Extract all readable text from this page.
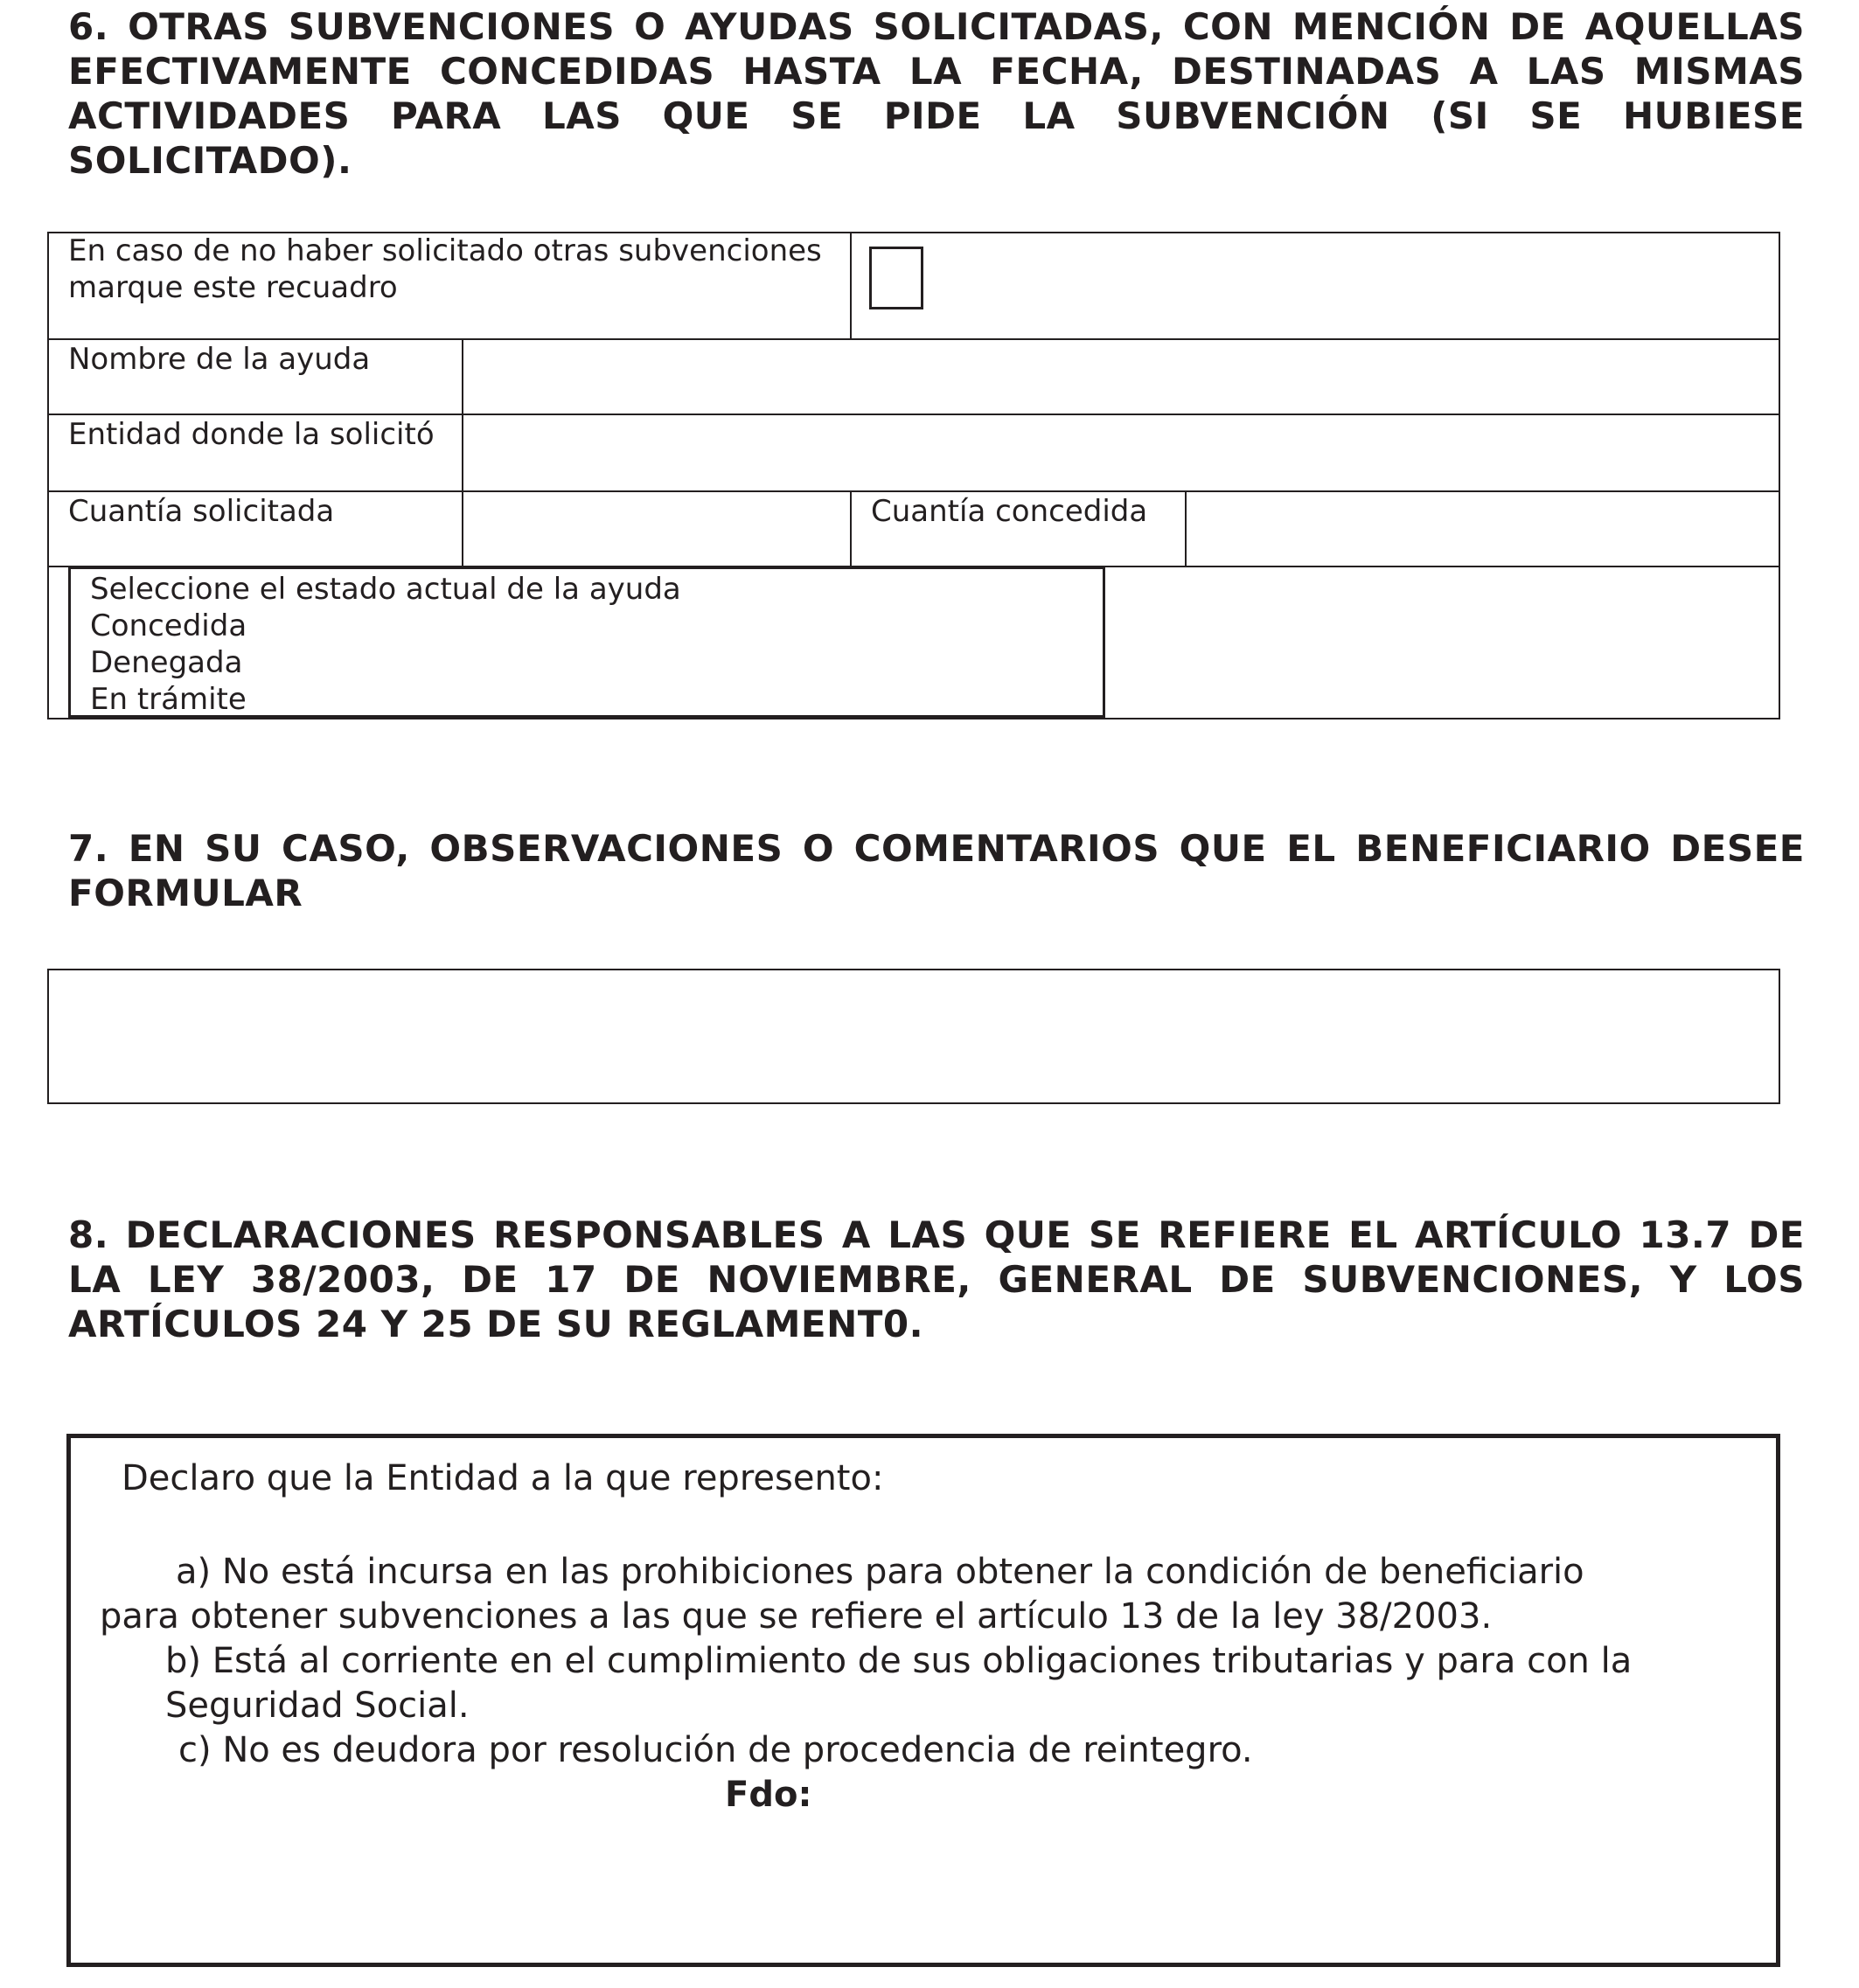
6. OTRAS SUBVENCIONES O AYUDAS SOLICITADAS, CON MENCIÓN DE AQUELLAS EFECTIVAMENTE CONCEDIDAS HASTA LA FECHA, DESTINADAS A LAS MISMAS ACTIVIDADES PARA LAS QUE SE PIDE LA SUBVENCIÓN (SI SE HUBIESE SOLICITADO).

En caso de no haber solicitado otras subvenciones
marque este recuadro
Nombre de la ayuda
Entidad donde la solicitó
Cuantía solicitada	Cuantía concedida
Seleccione el estado actual de la ayuda
Concedida
Denegada
En trámite

7. EN SU CASO, OBSERVACIONES O COMENTARIOS QUE EL BENEFICIARIO DESEE FORMULAR

8. DECLARACIONES RESPONSABLES A LAS QUE SE REFIERE EL ARTÍCULO 13.7 DE LA LEY 38/2003, DE 17 DE NOVIEMBRE, GENERAL DE SUBVENCIONES, Y LOS ARTÍCULOS 24 Y 25 DE SU REGLAMENT0.

Declaro que la Entidad a la que represento:
a) No está incursa en las prohibiciones para obtener la condición de beneficiario
para obtener subvenciones a las que se refiere el artículo 13 de la ley 38/2003.
b) Está al corriente en el cumplimiento de sus obligaciones tributarias y para con la
Seguridad Social.
c) No es deudora por resolución de procedencia de reintegro.
Fdo:
